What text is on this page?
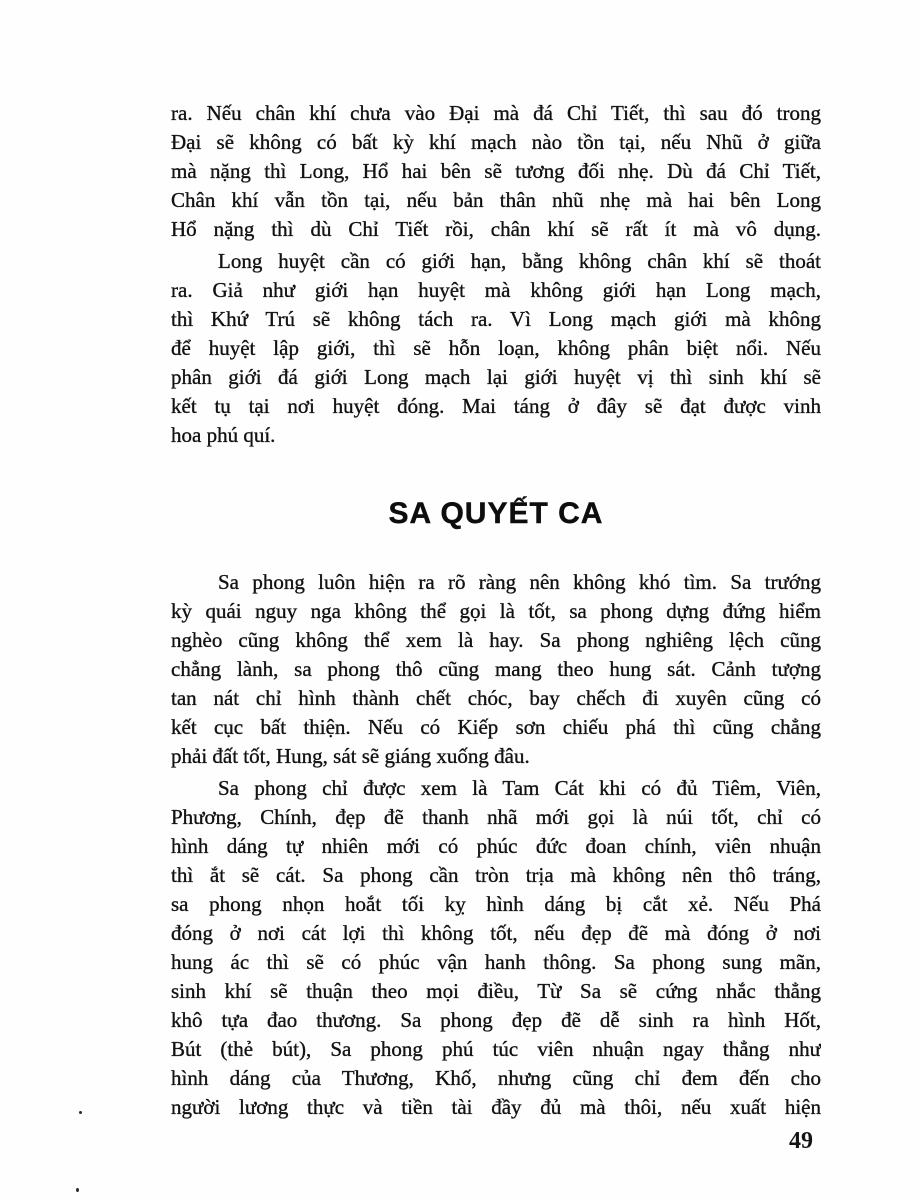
ra. Nếu chân khí chưa vào Đại mà đá Chỉ Tiết, thì sau đó trong
Đại sẽ không có bất kỳ khí mạch nào tồn tại, nếu Nhũ ở giữa
mà nặng thì Long, Hổ hai bên sẽ tương đối nhẹ. Dù đá Chỉ Tiết,
Chân khí vẫn tồn tại, nếu bản thân nhũ nhẹ mà hai bên Long
Hổ nặng thì dù Chỉ Tiết rồi, chân khí sẽ rất ít mà vô dụng.
Long huyệt cần có giới hạn, bằng không chân khí sẽ thoát
ra. Giả như giới hạn huyệt mà không giới hạn Long mạch,
thì Khứ Trú sẽ không tách ra. Vì Long mạch giới mà không
để huyệt lập giới, thì sẽ hỗn loạn, không phân biệt nổi. Nếu
phân giới đá giới Long mạch lại giới huyệt vị thì sinh khí sẽ
kết tụ tại nơi huyệt đóng. Mai táng ở đây sẽ đạt được vinh
hoa phú quí.
SA QUYẾT CA
Sa phong luôn hiện ra rõ ràng nên không khó tìm. Sa trướng
kỳ quái nguy nga không thể gọi là tốt, sa phong dựng đứng hiểm
nghèo cũng không thể xem là hay. Sa phong nghiêng lệch cũng
chẳng lành, sa phong thô cũng mang theo hung sát. Cảnh tượng
tan nát chỉ hình thành chết chóc, bay chếch đi xuyên cũng có
kết cục bất thiện. Nếu có Kiếp sơn chiếu phá thì cũng chẳng
phải đất tốt, Hung, sát sẽ giáng xuống đâu.
Sa phong chỉ được xem là Tam Cát khi có đủ Tiêm, Viên,
Phương, Chính, đẹp đẽ thanh nhã mới gọi là núi tốt, chỉ có
hình dáng tự nhiên mới có phúc đức đoan chính, viên nhuận
thì ắt sẽ cát. Sa phong cần tròn trịa mà không nên thô tráng,
sa phong nhọn hoắt tối kỵ hình dáng bị cắt xẻ. Nếu Phá
đóng ở nơi cát lợi thì không tốt, nếu đẹp đẽ mà đóng ở nơi
hung ác thì sẽ có phúc vận hanh thông. Sa phong sung mãn,
sinh khí sẽ thuận theo mọi điều, Từ Sa sẽ cứng nhắc thẳng
khô tựa đao thương. Sa phong đẹp đẽ dễ sinh ra hình Hốt,
Bút (thẻ bút), Sa phong phú túc viên nhuận ngay thẳng như
hình dáng của Thương, Khố, nhưng cũng chỉ đem đến cho
người lương thực và tiền tài đầy đủ mà thôi, nếu xuất hiện
49
